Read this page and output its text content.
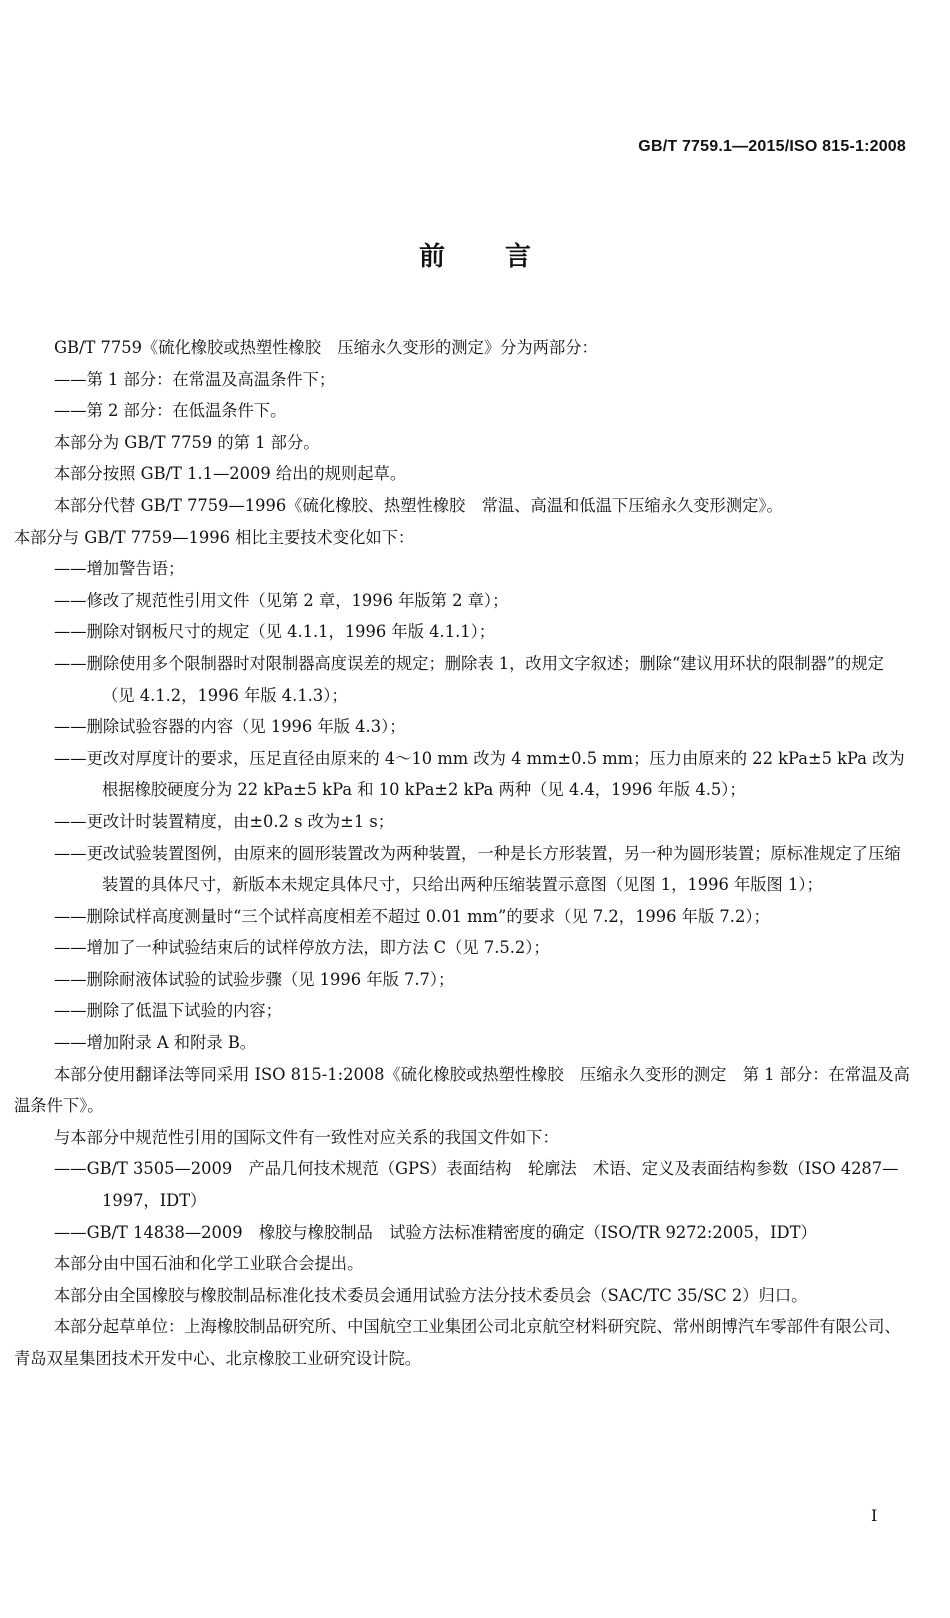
GB/T 7759.1—2015/ISO 815-1:2008
前言

GB/T 7759《硫化橡胶或热塑性橡胶　压缩永久变形的测定》分为两部分：

——第 1 部分：在常温及高温条件下；

——第 2 部分：在低温条件下。

本部分为 GB/T 7759 的第 1 部分。

本部分按照 GB/T 1.1—2009 给出的规则起草。

本部分代替 GB/T 7759—1996《硫化橡胶、热塑性橡胶　常温、高温和低温下压缩永久变形测定》。

本部分与 GB/T 7759—1996 相比主要技术变化如下：

——增加警告语；

——修改了规范性引用文件（见第 2 章，1996 年版第 2 章）；

——删除对钢板尺寸的规定（见 4.1.1，1996 年版 4.1.1）；

——删除使用多个限制器时对限制器高度误差的规定；删除表 1，改用文字叙述；删除“建议用环状的限制器”的规定（见 4.1.2，1996 年版 4.1.3）；

——删除试验容器的内容（见 1996 年版 4.3）；

——更改对厚度计的要求，压足直径由原来的 4～10 mm 改为 4 mm±0.5 mm；压力由原来的 22 kPa±5 kPa 改为根据橡胶硬度分为 22 kPa±5 kPa 和 10 kPa±2 kPa 两种（见 4.4，1996 年版 4.5）；

——更改计时装置精度，由±0.2 s 改为±1 s；

——更改试验装置图例，由原来的圆形装置改为两种装置，一种是长方形装置，另一种为圆形装置；原标准规定了压缩装置的具体尺寸，新版本未规定具体尺寸，只给出两种压缩装置示意图（见图 1，1996 年版图 1）；

——删除试样高度测量时“三个试样高度相差不超过 0.01 mm”的要求（见 7.2，1996 年版 7.2）；

——增加了一种试验结束后的试样停放方法，即方法 C（见 7.5.2）；

——删除耐液体试验的试验步骤（见 1996 年版 7.7）；

——删除了低温下试验的内容；

——增加附录 A 和附录 B。

本部分使用翻译法等同采用 ISO 815-1:2008《硫化橡胶或热塑性橡胶　压缩永久变形的测定　第 1 部分：在常温及高温条件下》。

与本部分中规范性引用的国际文件有一致性对应关系的我国文件如下：

——GB/T 3505—2009　产品几何技术规范（GPS）表面结构　轮廓法　术语、定义及表面结构参数（ISO 4287—1997，IDT）

——GB/T 14838—2009　橡胶与橡胶制品　试验方法标准精密度的确定（ISO/TR 9272:2005，IDT）

本部分由中国石油和化学工业联合会提出。

本部分由全国橡胶与橡胶制品标准化技术委员会通用试验方法分技术委员会（SAC/TC 35/SC 2）归口。

本部分起草单位：上海橡胶制品研究所、中国航空工业集团公司北京航空材料研究院、常州朗博汽车零部件有限公司、青岛双星集团技术开发中心、北京橡胶工业研究设计院。

I
